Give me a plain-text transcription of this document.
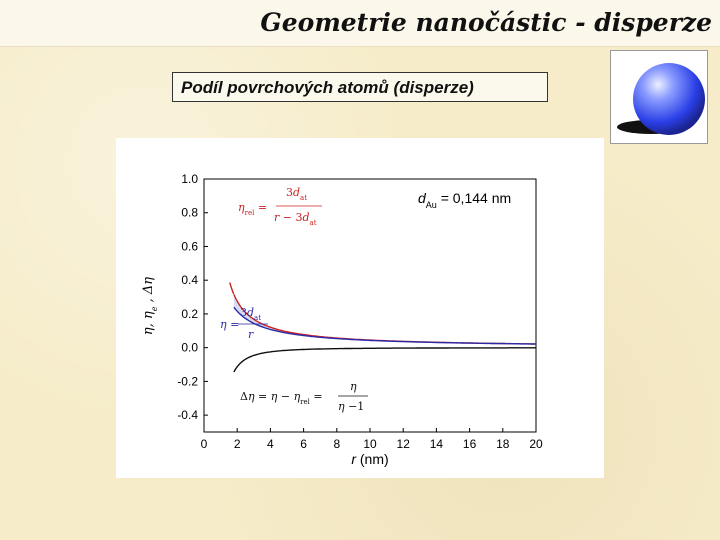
Geometrie nanočástic - disperze
Podíl povrchových atomů (disperze)
0 2 4 6 8 10 12 14 16 18 20
1.0
0.8
0.6
0.4
0.2
0.0
-0.2
-0.4
r (nm)
η, $\eta_e$ , Δη
$d_{Au} = 0,144$ nm
$\eta_{rel}$ =
$3d_{at}$
$r - 3d_{at}$
η =
$3d_{at}$
r
$\Delta\eta = \eta - \eta_{rel}$ =
η
η −1
